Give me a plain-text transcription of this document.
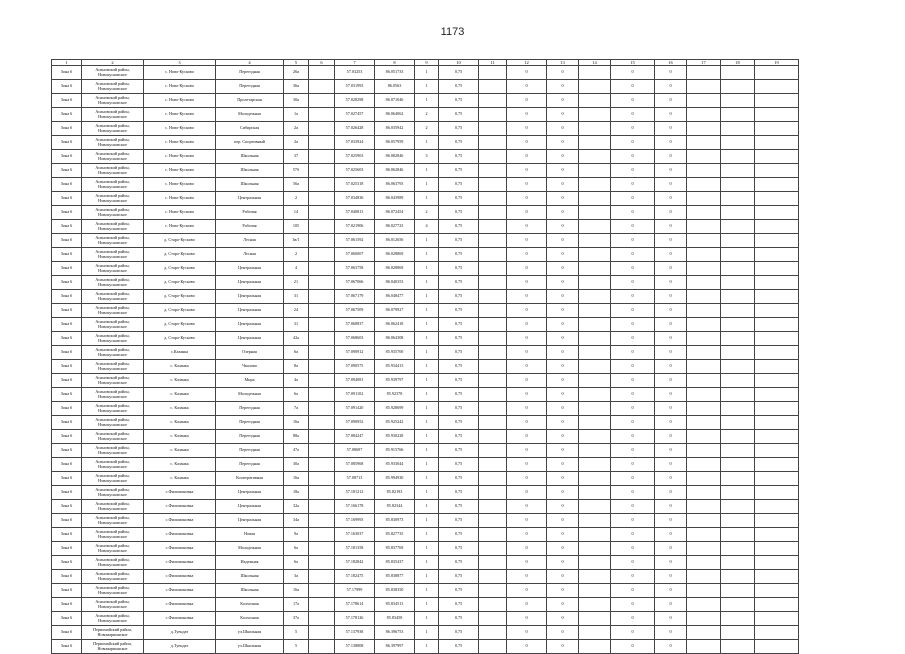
1173
1	2	3	4	5	6	7	8	9	10	11	12	13	14	15	16	17	18	19
Зона 6	Асиновский район, Новокусковское	с. Ново-Кусково	Переездная	26а		57.03253	86.051733	1	0,75		0	0		0	0			
Зона 6	Асиновский район, Новокусковское	с. Ново-Кусково	Переездная	36а		57.031993	86.0563	1	0,75		0	0		0	0			
Зона 6	Асиновский район, Новокусковское	с. Ново-Кусково	Пролетарская	30а		57.028298	86.071046	1	0,75		0	0		0	0			
Зона 6	Асиновский район, Новокусковское	с. Ново-Кусково	Молодежная	1а		57.027457	86.064062	2	0,75		0	0		0	0			
Зона 6	Асиновский район, Новокусковское	с. Ново-Кусково	Сибирская	2а		57.026428	86.035942	2	0,75		0	0		0	0			
Зона 6	Асиновский район, Новокусковское	с. Ново-Кусково	пер. Спортивный	2а		57.033924	86.057959	1	0,75		0	0		0	0			
Зона 6	Асиновский район, Новокусковское	с. Ново-Кусково	Школьная	37		57.025903	86.082846	3	0,75		0	0		0	0			
Зона 6	Асиновский район, Новокусковское	с. Ново-Кусково	Школьная	57б		57.025603	86.062846	1	0,75		0	0		0	0			
Зона 6	Асиновский район, Новокусковское	с. Ново-Кусково	Школьная	56а		57.025318	86.063793	1	0,75		0	0		0	0			
Зона 6	Асиновский район, Новокусковское	с. Ново-Кусково	Центральная	2		57.034836	86.043989	1	0,75		0	0		0	0			
Зона 6	Асиновский район, Новокусковское	с. Ново-Кусково	Рабочая	14		57.040813	86.072454	2	0,75		0	0		0	0			
Зона 6	Асиновский район, Новокусковское	с. Ново-Кусково	Рабочая	105		57.021906	86.027723	4	0,75		0	0		0	0			
Зона 6	Асиновский район, Новокусковское	д. Старо-Кусково	Лесная	3в/1		57.061592	86.012656	1	0,75		0	0		0	0			
Зона 6	Асиновский район, Новокусковское	д. Старо-Кусково	Лесная	2		57.060007	86.028869	1	0,75		0	0		0	0			
Зона 6	Асиновский район, Новокусковское	д. Старо-Кусково	Центральная	4		57.063758	86.028869	1	0,75		0	0		0	0			
Зона 6	Асиновский район, Новокусковское	д. Старо-Кусково	Центральная	21		57.067066	86.040353	1	0,75		0	0		0	0			
Зона 6	Асиновский район, Новокусковское	д. Старо-Кусково	Центральная	31		57.067179	86.048477	1	0,75		0	0		0	0			
Зона 6	Асиновский район, Новокусковское	д. Старо-Кусково	Центральная	24		57.067509	86.079927	1	0,75		0	0		0	0			
Зона 6	Асиновский район, Новокусковское	д. Старо-Кусково	Центральная	31		57.068837	86.062418	1	0,75		0	0		0	0			
Зона 6	Асиновский район, Новокусковское	д. Старо-Кусково	Центральная	42а		57.068603	86.064308	1	0,75		0	0		0	0			
Зона 6	Асиновский район, Новокусковское	с.Казанка	Озерная	6а		57.090912	85.935700	1	0,75		0	0		0	0			
Зона 6	Асиновский район, Новокусковское	с. Казанка	Чкалова	8а		57.090575	85.934413	1	0,75		0	0		0	0			
Зона 6	Асиновский район, Новокусковское	с. Казанка	Мира	4а		57.094081	85.939797	1	0,75		0	0		0	0			
Зона 6	Асиновский район, Новокусковское	с. Казанка	Молодежная	6а		57.091102	85.92378	1	0,75		0	0		0	0			
Зона 6	Асиновский район, Новокусковское	с. Казанка	Переездная	7а		57.091420	85.928699	1	0,75		0	0		0	0			
Зона 6	Асиновский район, Новокусковское	с. Казанка	Переездная	16а		57.090952	85.925242	1	0,75		0	0		0	0			
Зона 6	Асиновский район, Новокусковское	с. Казанка	Переездная	88а		57.084247	85.930228	1	0,75		0	0		0	0			
Зона 6	Асиновский район, Новокусковское	с. Казанка	Переездная	47а		57.08697	85.915766	1	0,75		0	0		0	0			
Зона 6	Асиновский район, Новокусковское	с. Казанка	Переездная	30а		57.085968	85.933044	1	0,75		0	0		0	0			
Зона 6	Асиновский район, Новокусковское	с. Казанка	Кооперативная	16а		57.08713	85.994930	1	0,75		0	0		0	0			
Зона 6	Асиновский район, Новокусковское	с.Филимоновка	Центральная	18а		57.181212	85.82193	1	0,75		0	0		0	0			
Зона 6	Асиновский район, Новокусковское	с.Филимоновка	Центральная	32а		57.166178	85.82344	1	0,75		0	0		0	0			
Зона 6	Асиновский район, Новокусковское	с.Филимоновка	Центральная	34а		57.169993	85.830973	1	0,75		0	0		0	0			
Зона 6	Асиновский район, Новокусковское	с.Филимоновка	Новая	9а		57.163037	85.827735	1	0,75		0	0		0	0			
Зона 6	Асиновский район, Новокусковское	с.Филимоновка	Молодежная	6а		57.181358	85.837769	1	0,75		0	0		0	0			
Зона 6	Асиновский район, Новокусковское	с.Филимоновка	Надежная	6а		57.182842	85.835437	1	0,75		0	0		0	0			
Зона 6	Асиновский район, Новокусковское	с.Филимоновка	Школьная	3а		57.182475	85.838877	1	0,75		0	0		0	0			
Зона 6	Асиновский район, Новокусковское	с.Филимоновка	Школьная	16а		57.17999	85.838350	1	0,75		0	0		0	0			
Зона 6	Асиновский район, Новокусковское	с.Филимоновка	Колхозная	17а		57.178614	85.834513	1	0,75		0	0		0	0			
Зона 6	Асиновский район, Новокусковское	с.Филимоновка	Колхозная	37а		57.178126	85.83458	1	0,75		0	0		0	0			
Зона 6	Первомайский район, Новомариинское	д.Туендат	ул.Школьная	5		57.137938	86.396753	1	0,75		0	0		0	0			
Зона 6	Первомайский район, Новомариинское	д.Туендат	ул.Школьная	5		57.138808	86.397997	1	0,75		0	0		0	0			
